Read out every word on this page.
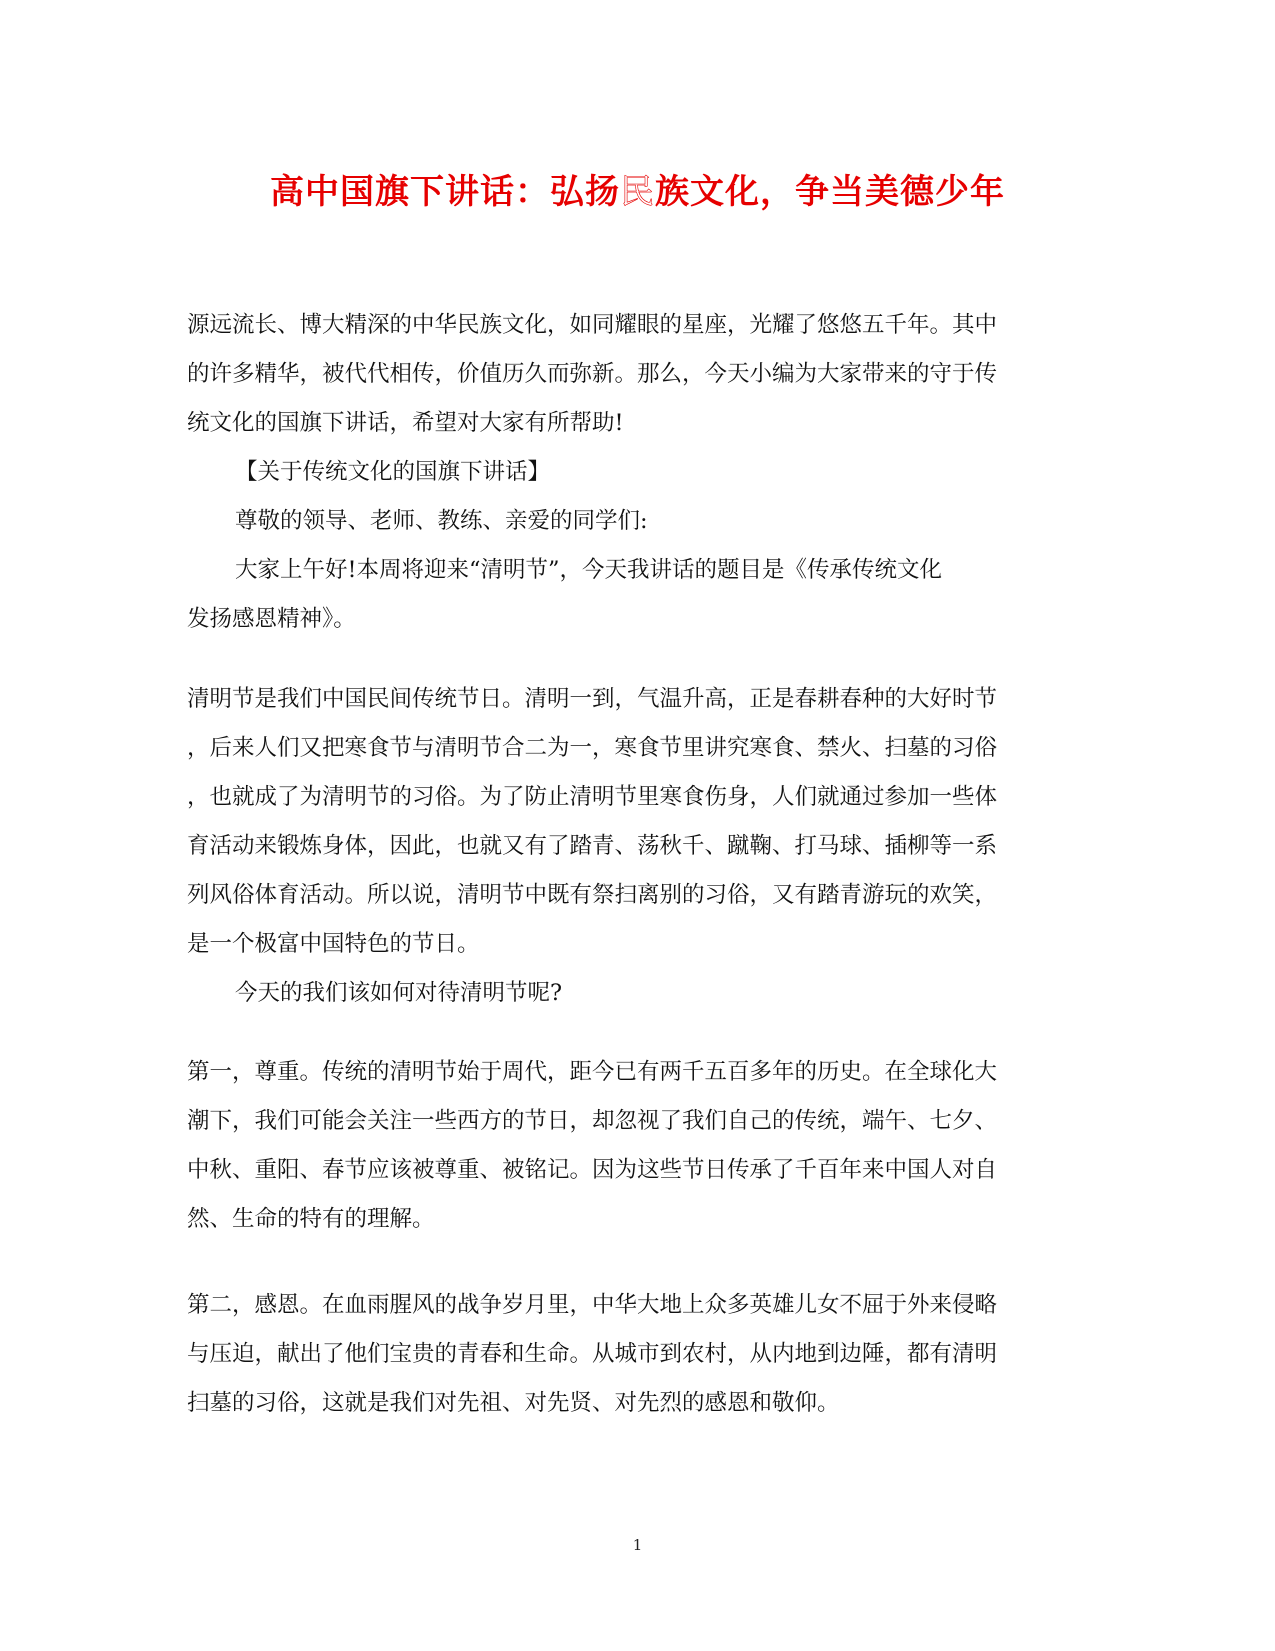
高中国旗下讲话：弘扬民族文化，争当美德少年
源远流长、博大精深的中华民族文化，如同耀眼的星座，光耀了悠悠五千年。其中
的许多精华，被代代相传，价值历久而弥新。那么，今天小编为大家带来的守于传
统文化的国旗下讲话，希望对大家有所帮助!
【关于传统文化的国旗下讲话】
尊敬的领导、老师、教练、亲爱的同学们:
大家上午好!本周将迎来“清明节”，今天我讲话的题目是《传承传统文化
发扬感恩精神》。
清明节是我们中国民间传统节日。清明一到，气温升高，正是春耕春种的大好时节
，后来人们又把寒食节与清明节合二为一，寒食节里讲究寒食、禁火、扫墓的习俗
，也就成了为清明节的习俗。为了防止清明节里寒食伤身，人们就通过参加一些体
育活动来锻炼身体，因此，也就又有了踏青、荡秋千、蹴鞠、打马球、插柳等一系
列风俗体育活动。所以说，清明节中既有祭扫离别的习俗，又有踏青游玩的欢笑，
是一个极富中国特色的节日。
今天的我们该如何对待清明节呢?
第一，尊重。传统的清明节始于周代，距今已有两千五百多年的历史。在全球化大
潮下，我们可能会关注一些西方的节日，却忽视了我们自己的传统，端午、七夕、
中秋、重阳、春节应该被尊重、被铭记。因为这些节日传承了千百年来中国人对自
然、生命的特有的理解。
第二，感恩。在血雨腥风的战争岁月里，中华大地上众多英雄儿女不屈于外来侵略
与压迫，献出了他们宝贵的青春和生命。从城市到农村，从内地到边陲，都有清明
扫墓的习俗，这就是我们对先祖、对先贤、对先烈的感恩和敬仰。
1
